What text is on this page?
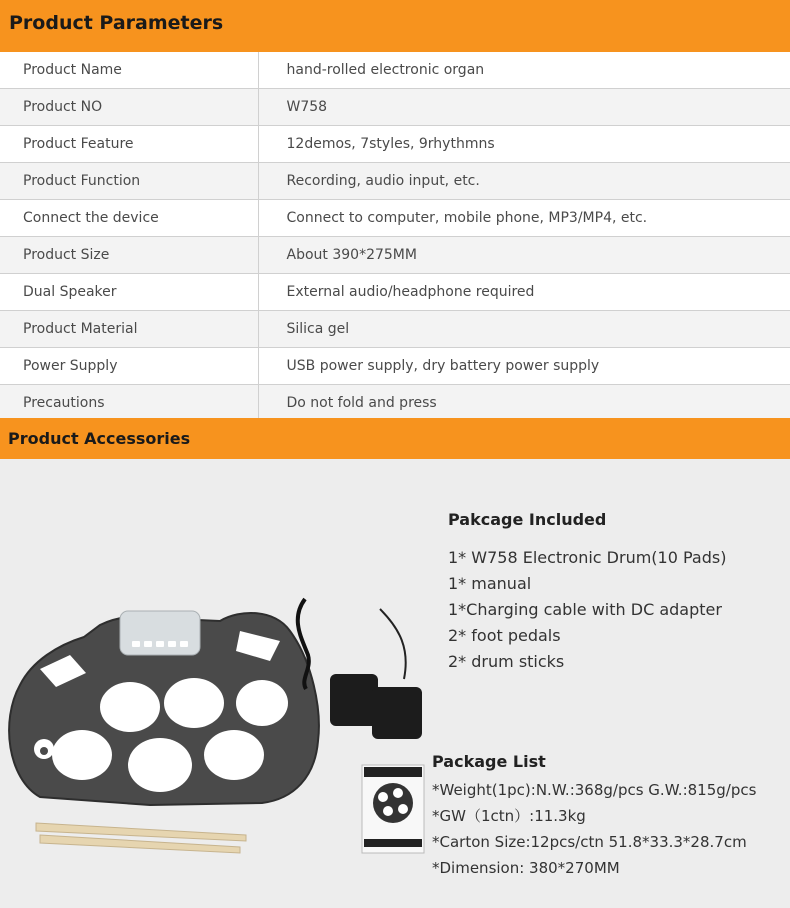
Product Parameters
Product Name	hand-rolled electronic organ
Product NO	W758
Product Feature	12demos, 7styles, 9rhythmns
Product Function	Recording, audio input, etc.
Connect the device	Connect to computer, mobile phone, MP3/MP4, etc.
Product Size	About 390*275MM
Dual Speaker	External audio/headphone required
Product Material	Silica gel
Power Supply	USB power supply, dry battery power supply
Precautions	Do not fold and press
Product Accessories
Pakcage Included
1* W758 Electronic Drum(10 Pads)
1* manual
1*Charging cable with DC adapter
2* foot pedals
2* drum sticks
Package List
*Weight(1pc):N.W.:368g/pcs G.W.:815g/pcs
*GW（1ctn）:11.3kg
*Carton Size:12pcs/ctn 51.8*33.3*28.7cm
*Dimension: 380*270MM
